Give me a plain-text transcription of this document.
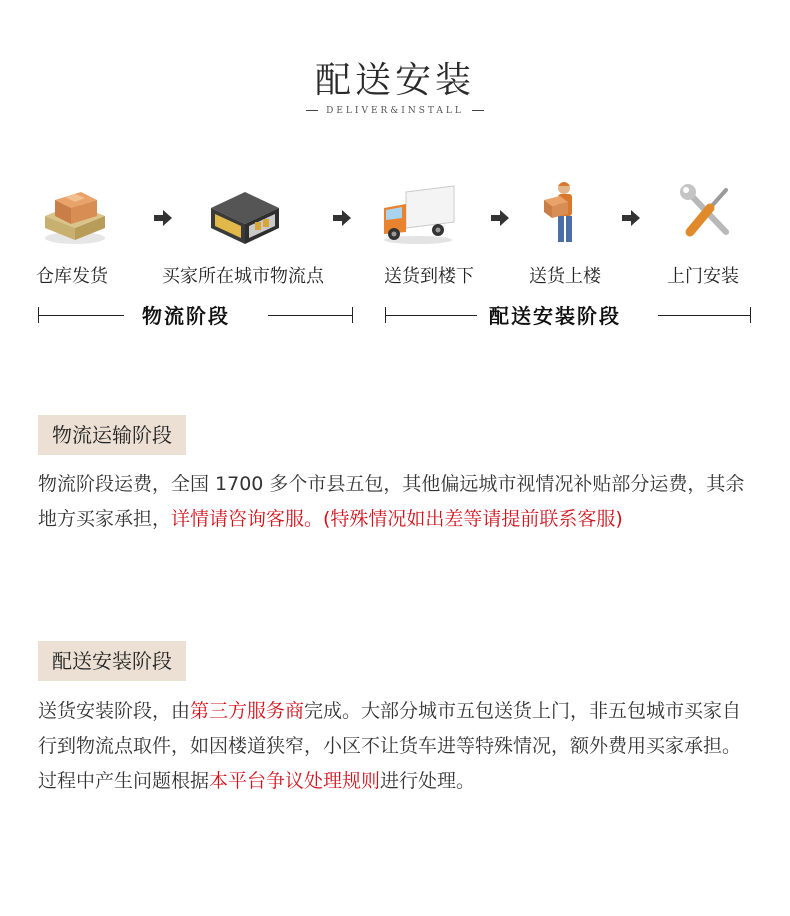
配送安装
DELIVER&INSTALL
仓库发货	买家所在城市物流点	送货到楼下	送货上楼	上门安装
物流阶段	配送安装阶段
物流运输阶段
物流阶段运费，全国 1700 多个市县五包，其他偏远城市视情况补贴部分运费，其余地方买家承担，详情请咨询客服。(特殊情况如出差等请提前联系客服)
配送安装阶段
送货安装阶段，由第三方服务商完成。大部分城市五包送货上门，非五包城市买家自行到物流点取件，如因楼道狭窄，小区不让货车进等特殊情况，额外费用买家承担。过程中产生问题根据本平台争议处理规则进行处理。
